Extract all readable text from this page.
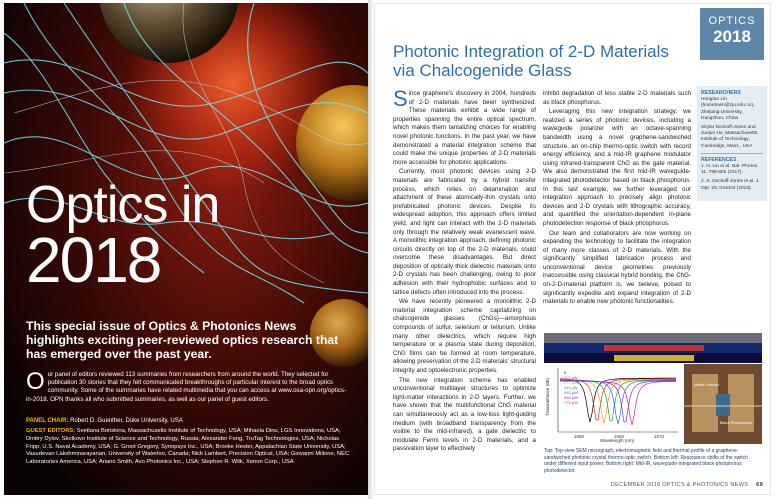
Optics in
2018
This special issue of Optics & Photonics News highlights exciting peer-reviewed optics research that has emerged over the past year.
O ur panel of editors reviewed 113 summaries from researchers from around the world. They selected for publication 30 stories that they felt communicated breakthroughs of particular interest to the broad optics community. Some of the summaries have related multimedia that you can access at www.osa-opn.org/optics-in-2018. OPN thanks all who submitted summaries, as well as our panel of guest editors.
PANEL CHAIR: Robert D. Guenther, Duke University, USA
GUEST EDITORS: Svetlana Boriskina, Massachusetts Institute of Technology, USA; Mihaela Dinu, LGS Innovations, USA; Dmitry Dylov, Skolkovo Institute of Science and Technology, Russia; Alexander Fong, TruTag Technologies, USA; Nicholas Fripp, U.S. Naval Academy, USA; G. Groot Gregory, Synopsys Inc., USA; Brooke Hester, Appalachian State University, USA; Vasudevan Lakshminarayanan, University of Waterloo, Canada; Nick Lambert, Precision Optical, USA; Giovanni Milione, NEC Laboratories America, USA; Ariano Smith, Avo Photonics Inc., USA; Stephen R. Wilk, Xenon Corp., USA
OPTICS
2018
Photonic Integration of 2-D Materials via Chalcogenide Glass

Since graphene's discovery in 2004, hundreds of 2-D materials have been synthesized. These materials exhibit a wide range of properties spanning the entire optical spectrum, which makes them tantalizing choices for enabling novel photonic functions. In the past year, we have demonstrated a material integration scheme that could make the unique properties of 2-D materials more accessible for photonic applications.

Currently, most photonic devices using 2-D materials are fabricated by a hybrid transfer process, which relies on delamination and attachment of these atomically-thin crystals onto prefabricated photonic devices. Despite its widespread adoption, this approach offers limited yield, and light can interact with the 2-D materials only through the relatively weak evanescent wave. A monolithic integration approach, defining photonic circuits directly on top of the 2-D materials, could overcome these disadvantages. But direct deposition of optically thick dielectric materials onto 2-D crystals has been challenging, owing to poor adhesion with their hydrophobic surfaces and to lattice defects often introduced into the process.

We have recently pioneered a monolithic 2-D material integration scheme capitalizing on chalcogenide glasses (ChGs)—amorphous compounds of sulfur, selenium or tellurium. Unlike many other dielectrics, which require high temperature or a plasma state during deposition, ChG films can be formed at room temperature, allowing preservation of the 2-D materials' structural integrity and optoelectronic properties.

The new integration scheme has enabled unconventional multilayer structures to optimize light-matter interactions in 2-D layers. Further, we have shown that the multifunctional ChG material can simultaneously act as a low-loss light-guiding medium (with broadband transparency from the visible to the mid-infrared), a gate dielectric to modulate Fermi levels in 2-D materials, and a passivation layer to effectively

inhibit degradation of less stable 2-D materials such as black phosphorus.

Leveraging this new integration strategy, we realized a series of photonic devices, including a waveguide polarizer with an octave-spanning bandwidth using a novel graphene-sandwiched structure, an on-chip thermo-optic switch with record energy efficiency, and a mid-IR graphene modulator using infrared-transparent ChG as the gate material. We also demonstrated the first mid-IR waveguide-integrated photodetector based on black phosphorus. In this last example, we further leveraged our integration approach to precisely align photonic devices and 2-D crystals with lithographic accuracy, and quantified the orientation-dependent in-plane photodetection response of black phosphorus.

Our team and collaborators are now working on expanding the technology to facilitate the integration of many more classes of 2-D materials. With the significantly simplified fabrication process and unconventional device geometries previously inaccessible using classical hybrid bonding, the ChG-on-2-D-material platform is, we believe, poised to significantly expedite and expand integration of 2-D materials to enable new photonic functionalities.

RESEARCHERS

Hongtao Lin (hometown@zju.edu.cn), Zhejiang University, Hangzhou, China

Skylar Deckoff-Jones and Juejun Hu, Massachusetts Institute of Technology, Cambridge, Mass., USA

REFERENCES

1. H. Lin et al. Nat. Photon. 11, 798-805 (2017).

2. S. Deckoff-Jones et al. J. Opt. 20, 044004 (2018).

Transmittance (dB)
Wavelength (nm)
1550	1560	1570
0
112 μW
277 μW
411 μW
492 μW
594 μW
775 μW
Metal Contact
Black Phosphorus
Top: Top-view SEM micrograph, electromagnetic field and thermal profile of a graphene-sandwiched photonic crystal thermo-optic switch. Bottom left: Resonance shifts of the switch under different input power. Bottom right: Mid-IR, waveguide-integrated black-phosphorus photodetector.
DECEMBER 2018 OPTICS & PHOTONICS NEWS 69
